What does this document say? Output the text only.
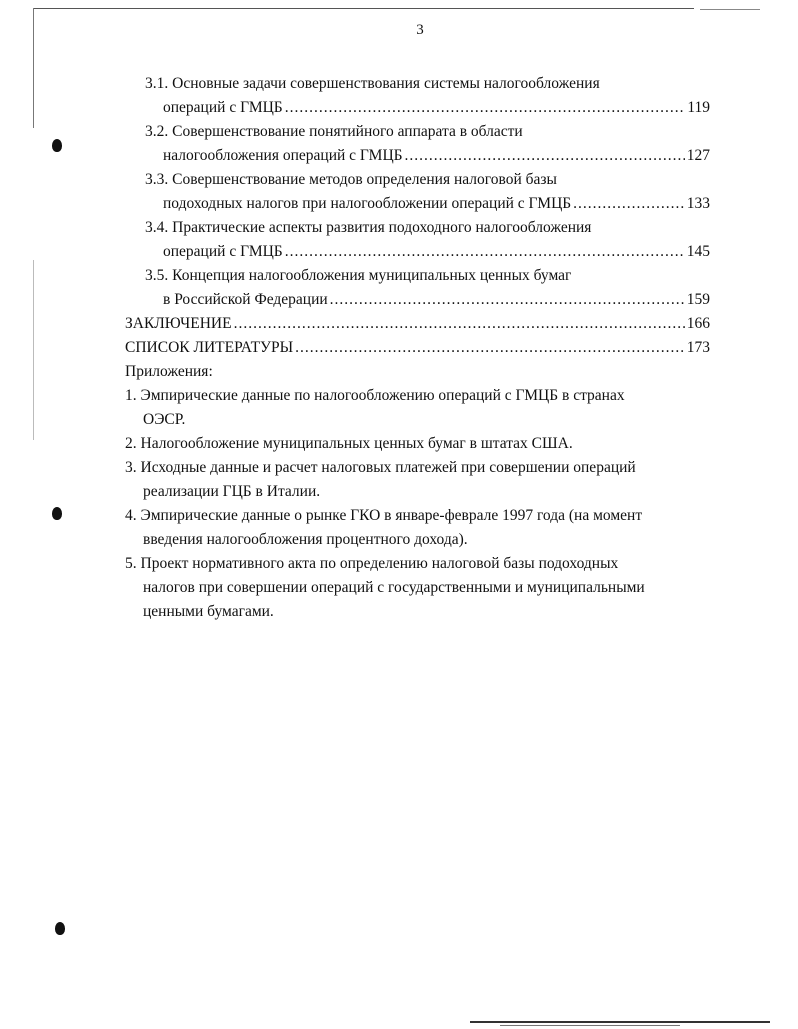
3
3.1. Основные задачи совершенствования системы налогообложения
операций с ГМЦБ .....	119
3.2. Совершенствование понятийного аппарата в области
налогообложения операций с ГМЦБ .....	127
3.3. Совершенствование методов определения налоговой базы
подоходных налогов при налогообложении операций с ГМЦБ .....	133
3.4. Практические аспекты развития подоходного налогообложения
операций с ГМЦБ .....	145
3.5. Концепция налогообложения муниципальных ценных бумаг
в Российской Федерации .....	159
ЗАКЛЮЧЕНИЕ .....	166
СПИСОК ЛИТЕРАТУРЫ .....	173
Приложения:
1. Эмпирические данные по налогообложению операций с ГМЦБ в странах
ОЭСР.
2. Налогообложение муниципальных ценных бумаг в штатах США.
3. Исходные данные и расчет налоговых платежей при совершении операций
реализации ГЦБ в Италии.
4. Эмпирические данные о рынке ГКО в январе-феврале 1997 года (на момент
введения налогообложения процентного дохода).
5. Проект нормативного акта по определению налоговой базы подоходных
налогов при совершении операций с государственными и муниципальными
ценными бумагами.
